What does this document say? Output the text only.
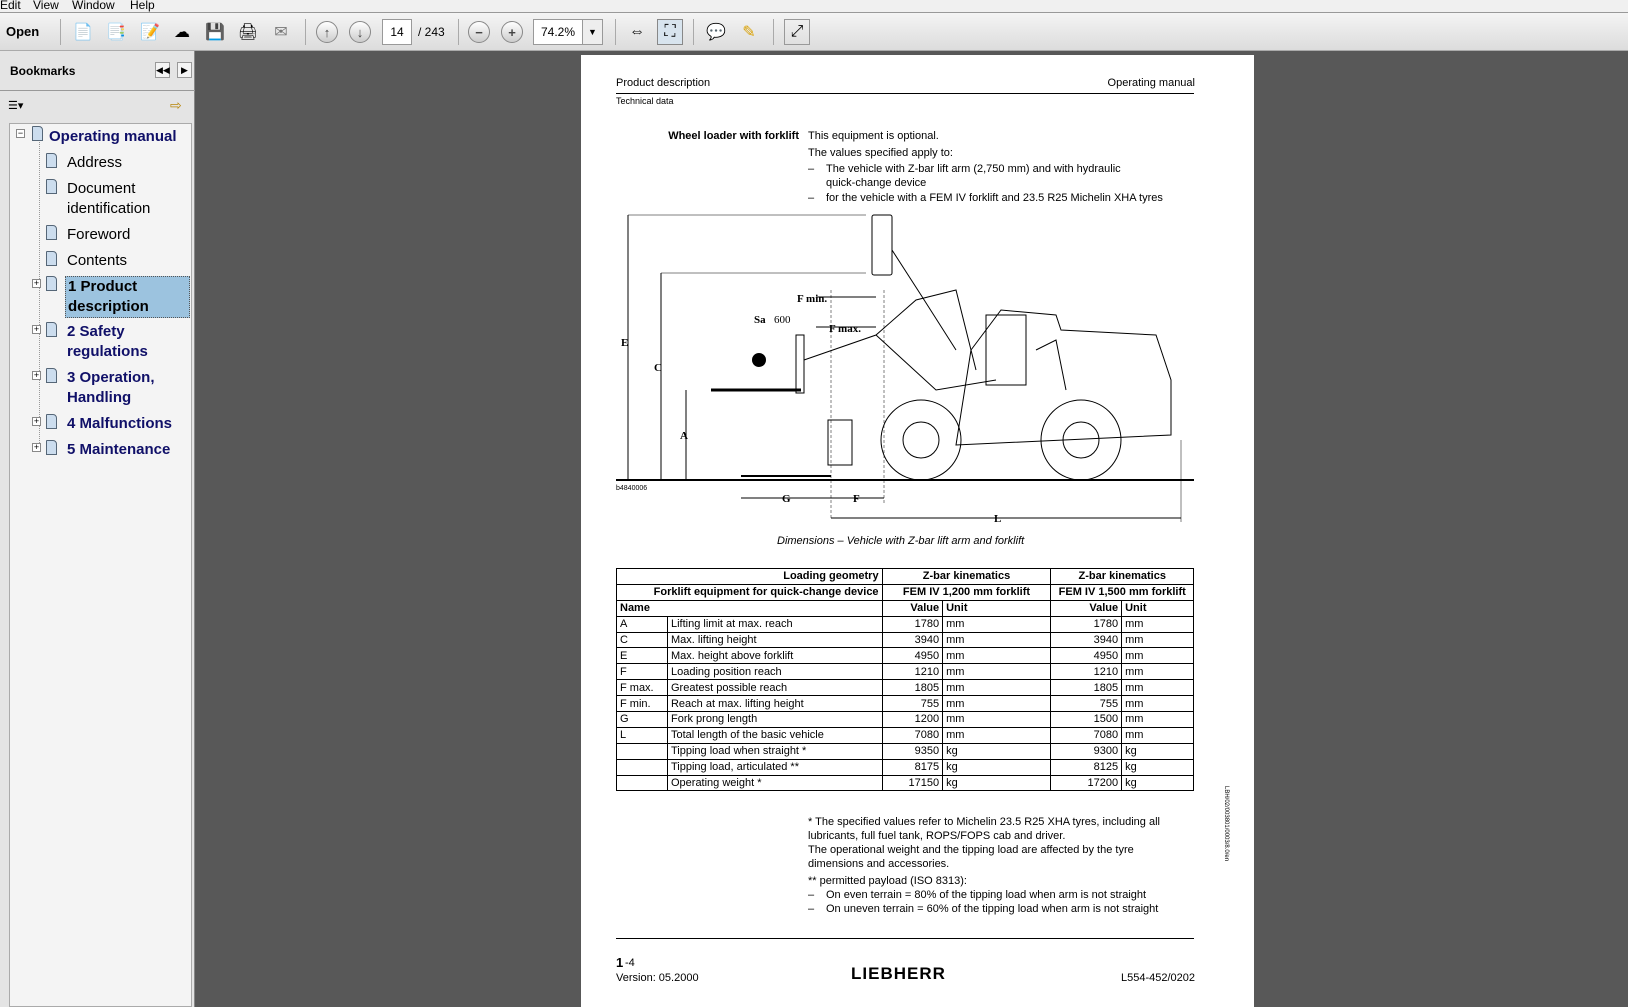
Edit View Window Help
Open 📄 📑 📝 ☁ 💾 🖨	✉	↑	↓	14	/ 243	−	+	74.2%	▼	⇔	⛶	💬	✎	⤢
Bookmarks	◀◀	▶
☰▾	⇨
− Operating manual
Address
Document identification
Foreword
Contents
+ 1 Product description
+ 2 Safety regulations
+ 3 Operation, Handling
+ 4 Malfunctions
+ 5 Maintenance
Product description	Operating manual
Technical data
Wheel loader with forklift This equipment is optional.
The values specified apply to:
– The vehicle with Z-bar lift arm (2,750 mm) and with hydraulic
quick-change device
– for the vehicle with a FEM IV forklift and 23.5 R25 Michelin XHA tyres
E
C
A
F min.
F max.
Sa 600
G	F
L
b4840006
Dimensions – Vehicle with Z-bar lift arm and forklift
Loading geometry		Z-bar kinematics		Z-bar kinematics	
Forklift equipment for quick-change device		FEM IV 1,200 mm forklift		FEM IV 1,500 mm forklift	
Name		Value	Unit	Value	Unit
A	Lifting limit at max. reach	1780	mm	1780	mm
C	Max. lifting height	3940	mm	3940	mm
E	Max. height above forklift	4950	mm	4950	mm
F	Loading position reach	1210	mm	1210	mm
F max.	Greatest possible reach	1805	mm	1805	mm
F min.	Reach at max. lifting height	755	mm	755	mm
G	Fork prong length	1200	mm	1500	mm
L	Total length of the basic vehicle	7080	mm	7080	mm
	Tipping load when straight *	9350	kg	9300	kg
	Tipping load, articulated **	8175	kg	8125	kg
	Operating weight *	17150	kg	17200	kg
* The specified values refer to Michelin 23.5 R25 XHA tyres, including all
lubricants, full fuel tank, ROPS/FOPS cab and driver.
The operational weight and the tipping load are affected by the tyre
dimensions and accessories.
** permitted payload (ISO 8313):
– On even terrain = 80% of the tipping load when arm is not straight
– On uneven terrain = 60% of the tipping load when arm is not straight
LBH/02/003801/0003/8.0/en
1 -4
Version: 05.2000	LIEBHERR	L554-452/0202
